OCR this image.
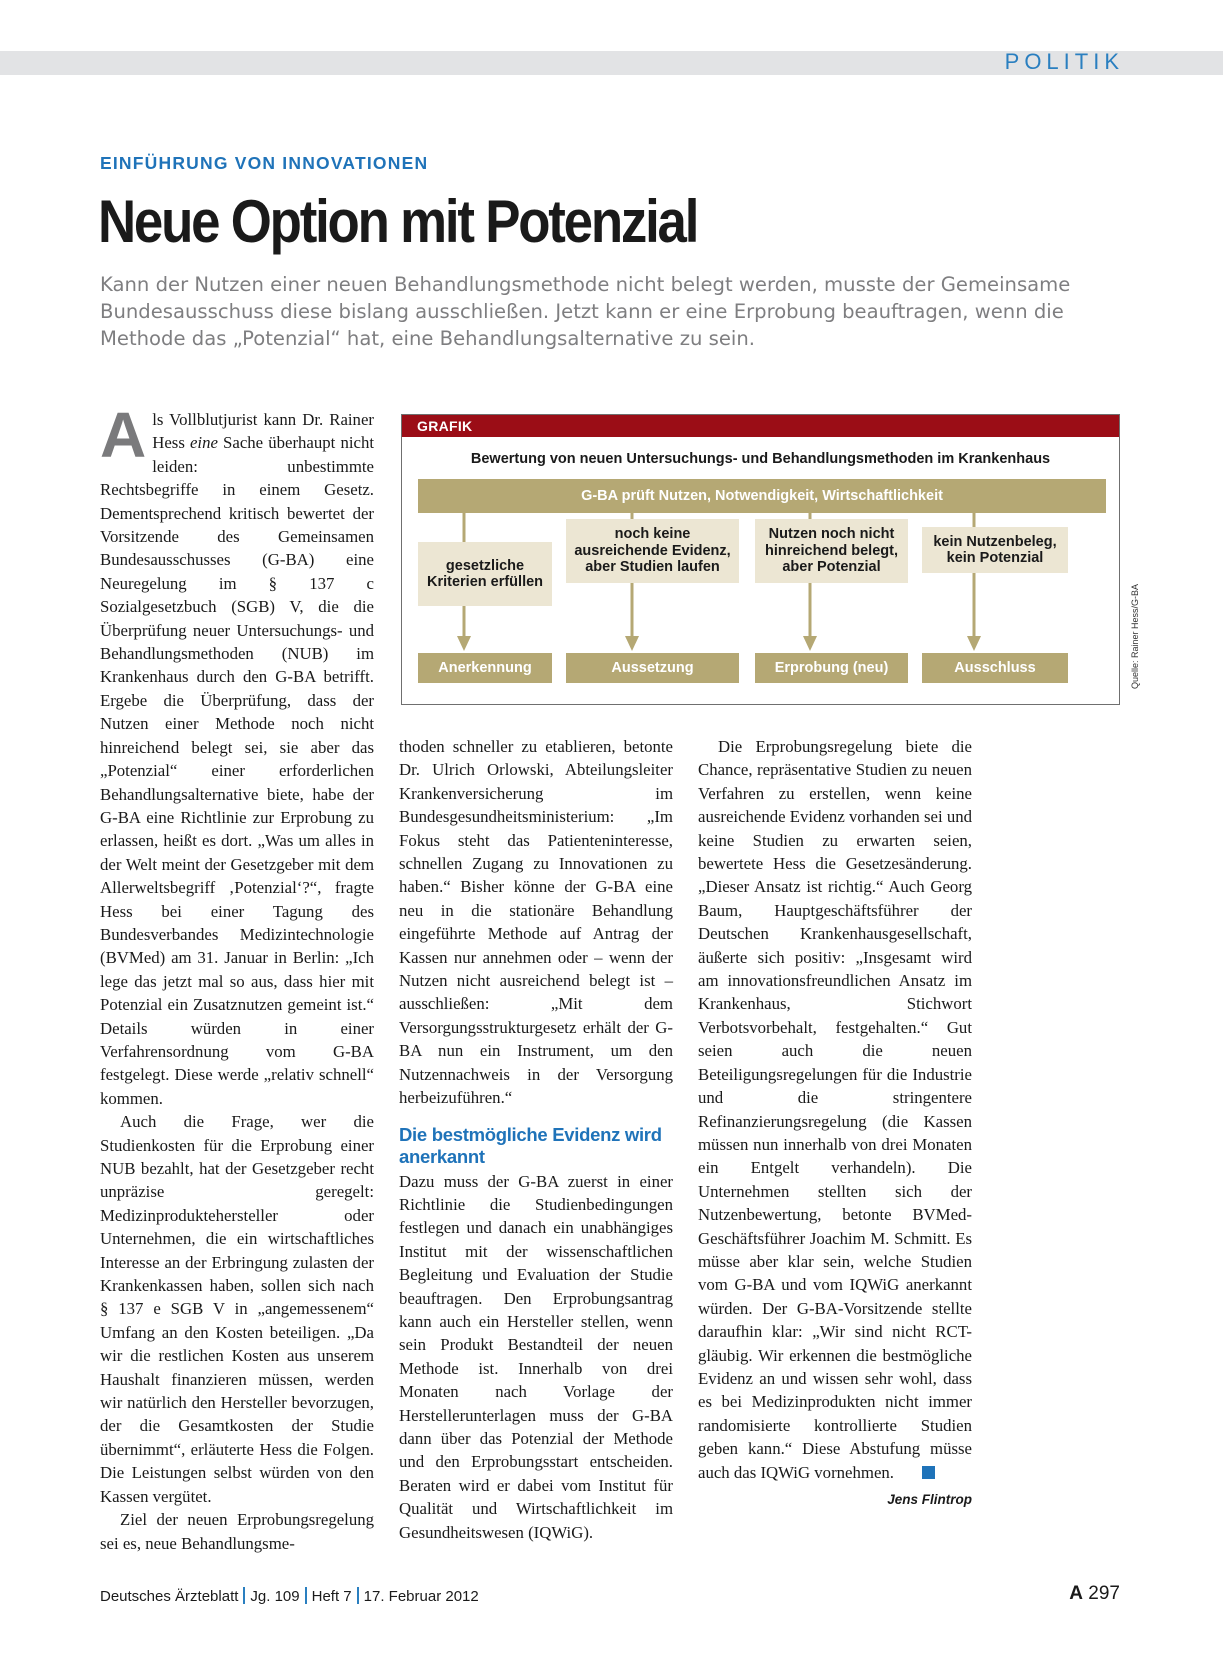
POLITIK
EINFÜHRUNG VON INNOVATIONEN
Neue Option mit Potenzial

Kann der Nutzen einer neuen Behandlungsmethode nicht belegt werden, musste der Gemeinsame Bundesausschuss diese bislang ausschließen. Jetzt kann er eine Erprobung beauftragen, wenn die Methode das „Potenzial“ hat, eine Behandlungsalternative zu sein.

Als Vollblutjurist kann Dr. Rainer Hess eine Sache überhaupt nicht leiden: unbestimmte Rechtsbegriffe in einem Gesetz. Dementsprechend kritisch bewertet der Vorsitzende des Gemeinsamen Bundesausschusses (G-BA) eine Neuregelung im § 137 c Sozialgesetzbuch (SGB) V, die die Überprüfung neuer Untersuchungs- und Behandlungsmethoden (NUB) im Krankenhaus durch den G-BA betrifft. Ergebe die Überprüfung, dass der Nutzen einer Methode noch nicht hinreichend belegt sei, sie aber das „Potenzial“ einer erforderlichen Behandlungsalternative biete, habe der G-BA eine Richtlinie zur Erprobung zu erlassen, heißt es dort. „Was um alles in der Welt meint der Gesetzgeber mit dem Allerweltsbegriff ‚Potenzial‘?“, fragte Hess bei einer Tagung des Bundesverbandes Medizintechnologie (BVMed) am 31. Januar in Berlin: „Ich lege das jetzt mal so aus, dass hier mit Potenzial ein Zusatznutzen gemeint ist.“ Details würden in einer Verfahrensordnung vom G-BA festgelegt. Diese werde „relativ schnell“ kommen.

Auch die Frage, wer die Studienkosten für die Erprobung einer NUB bezahlt, hat der Gesetzgeber recht unpräzise geregelt: Medizinproduktehersteller oder Unternehmen, die ein wirtschaftliches Interesse an der Erbringung zulasten der Krankenkassen haben, sollen sich nach § 137 e SGB V in „angemessenem“ Umfang an den Kosten beteiligen. „Da wir die restlichen Kosten aus unserem Haushalt finanzieren müssen, werden wir natürlich den Hersteller bevorzugen, der die Gesamtkosten der Studie übernimmt“, erläuterte Hess die Folgen. Die Leistungen selbst würden von den Kassen vergütet.

Ziel der neuen Erprobungsregelung sei es, neue Behandlungsme-

GRAFIK
Bewertung von neuen Untersuchungs- und Behandlungsmethoden im Krankenhaus
G-BA prüft Nutzen, Notwendigkeit, Wirtschaftlichkeit
gesetzliche Kriterien erfüllen
noch keine ausreichende Evidenz, aber Studien laufen
Nutzen noch nicht hinreichend belegt, aber Potenzial
kein Nutzenbeleg, kein Potenzial
Anerkennung	Aussetzung	Erprobung (neu)	Ausschluss	Quelle: Rainer Hess/G-BA

thoden schneller zu etablieren, betonte Dr. Ulrich Orlowski, Abteilungsleiter Krankenversicherung im Bundesgesundheitsministerium: „Im Fokus steht das Patienteninteresse, schnellen Zugang zu Innovationen zu haben.“ Bisher könne der G-BA eine neu in die stationäre Behandlung eingeführte Methode auf Antrag der Kassen nur annehmen oder – wenn der Nutzen nicht ausreichend belegt ist – ausschließen: „Mit dem Versorgungsstrukturgesetz erhält der G-BA nun ein Instrument, um den Nutzennachweis in der Versorgung herbeizuführen.“

Die bestmögliche Evidenz wird anerkannt

Dazu muss der G-BA zuerst in einer Richtlinie die Studienbedingungen festlegen und danach ein unabhängiges Institut mit der wissenschaftlichen Begleitung und Evaluation der Studie beauftragen. Den Erprobungsantrag kann auch ein Hersteller stellen, wenn sein Produkt Bestandteil der neuen Methode ist. Innerhalb von drei Monaten nach Vorlage der Herstellerunterlagen muss der G-BA dann über das Potenzial der Methode und den Erprobungsstart entscheiden. Beraten wird er dabei vom Institut für Qualität und Wirtschaftlichkeit im Gesundheitswesen (IQWiG).

Die Erprobungsregelung biete die Chance, repräsentative Studien zu neuen Verfahren zu erstellen, wenn keine ausreichende Evidenz vorhanden sei und keine Studien zu erwarten seien, bewertete Hess die Gesetzesänderung. „Dieser Ansatz ist richtig.“ Auch Georg Baum, Hauptgeschäftsführer der Deutschen Krankenhausgesellschaft, äußerte sich positiv: „Insgesamt wird am innovationsfreundlichen Ansatz im Krankenhaus, Stichwort Verbotsvorbehalt, festgehalten.“ Gut seien auch die neuen Beteiligungsregelungen für die Industrie und die stringentere Refinanzierungsregelung (die Kassen müssen nun innerhalb von drei Monaten ein Entgelt verhandeln). Die Unternehmen stellten sich der Nutzenbewertung, betonte BVMed-Geschäftsführer Joachim M. Schmitt. Es müsse aber klar sein, welche Studien vom G-BA und vom IQWiG anerkannt würden. Der G-BA-Vorsitzende stellte daraufhin klar: „Wir sind nicht RCT-gläubig. Wir erkennen die bestmögliche Evidenz an und wissen sehr wohl, dass es bei Medizinprodukten nicht immer randomisierte kontrollierte Studien geben kann.“ Diese Abstufung müsse auch das IQWiG vornehmen.

Jens Flintrop
Deutsches Ärzteblatt Jg. 109 Heft 7 17. Februar 2012	A 297
